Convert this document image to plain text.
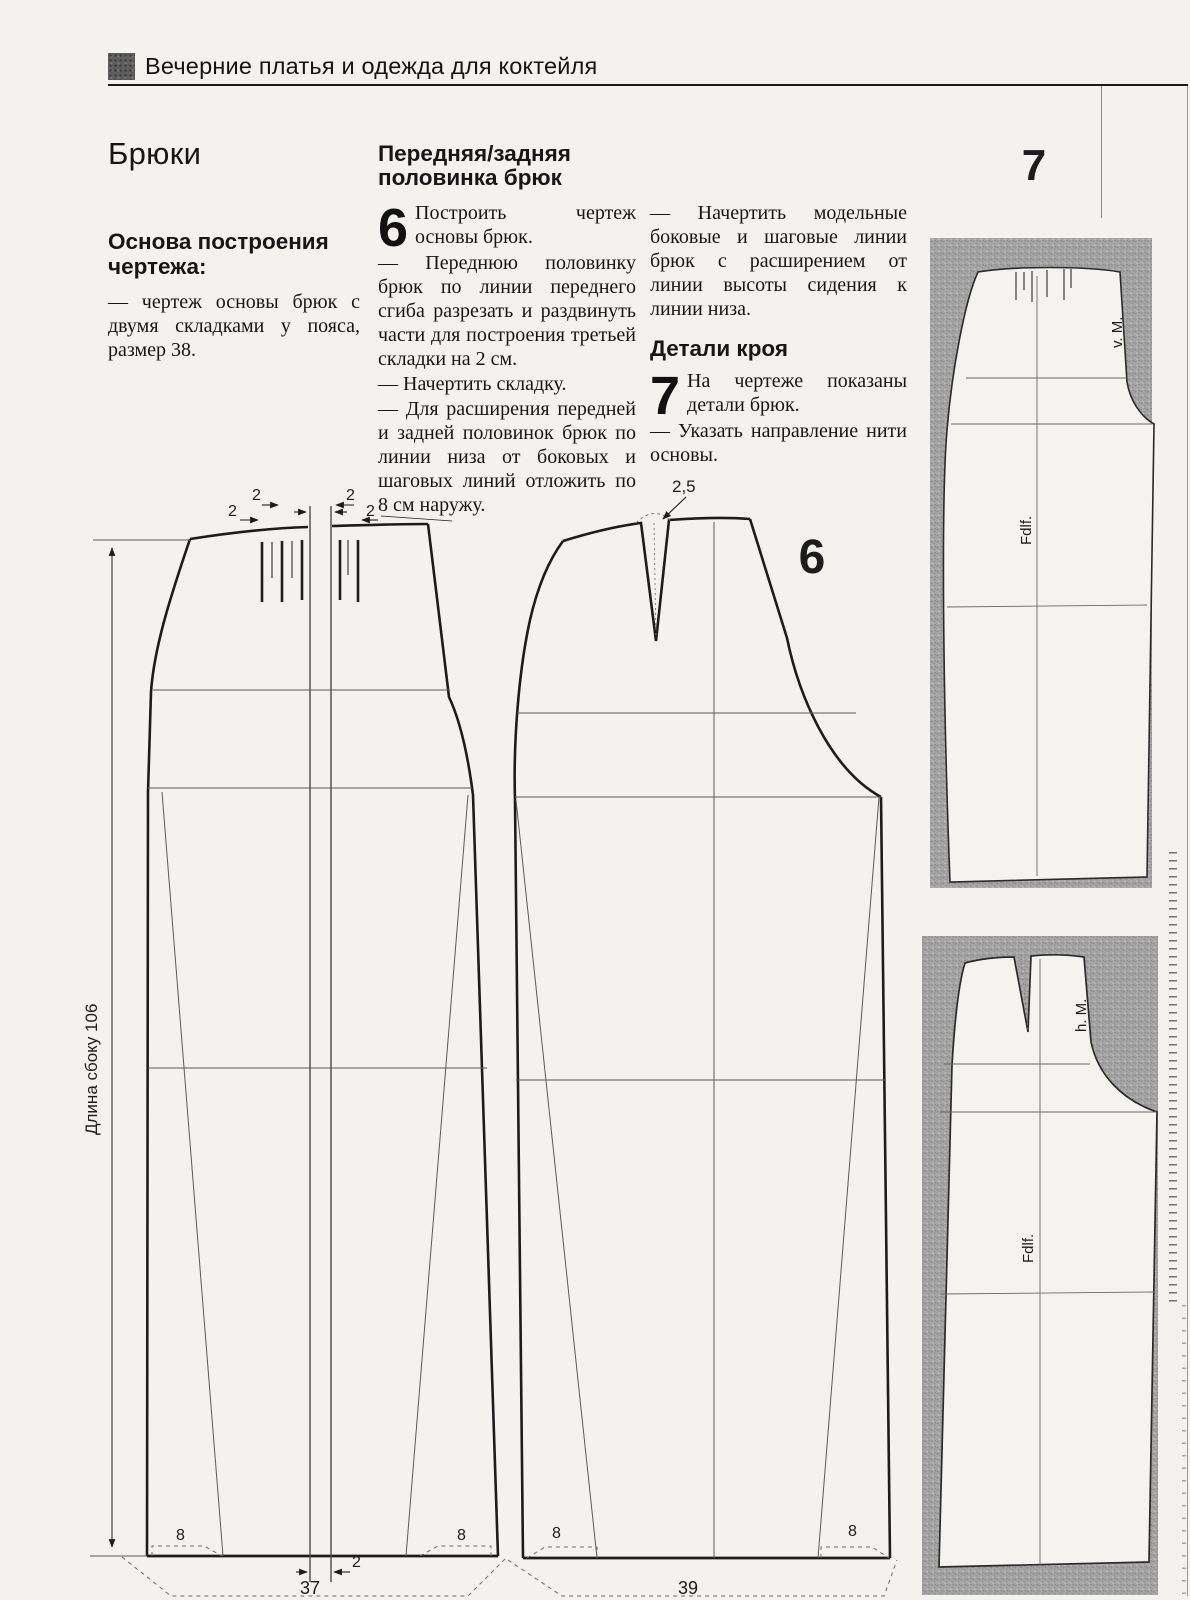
6
7
2
2	2
2
2,5
Длина сбоку 106
8	8	8	8
2
37	39
v. M.
Fdlf.
h. M.
Fdlf.
Вечерние платья и одежда для коктейля
Брюки
Основа построения чертежа:

— чертеж основы брюк с двумя складками у пояса, размер 38.

Передняя/задняя половинка брюк

6 Построить чертеж основы брюк.

— Переднюю половинку брюк по линии переднего сгиба разрезать и раздвинуть части для построения третьей складки на 2 см.

— Начертить складку.

— Для расширения передней и задней половинок брюк по линии низа от боковых и шаговых линий отложить по 8 см наружу.

— Начертить модельные боковые и шаговые линии брюк с расширением от линии высоты сидения к линии низа.

Детали кроя

7 На чертеже показаны детали брюк.

— Указать направление нити основы.
